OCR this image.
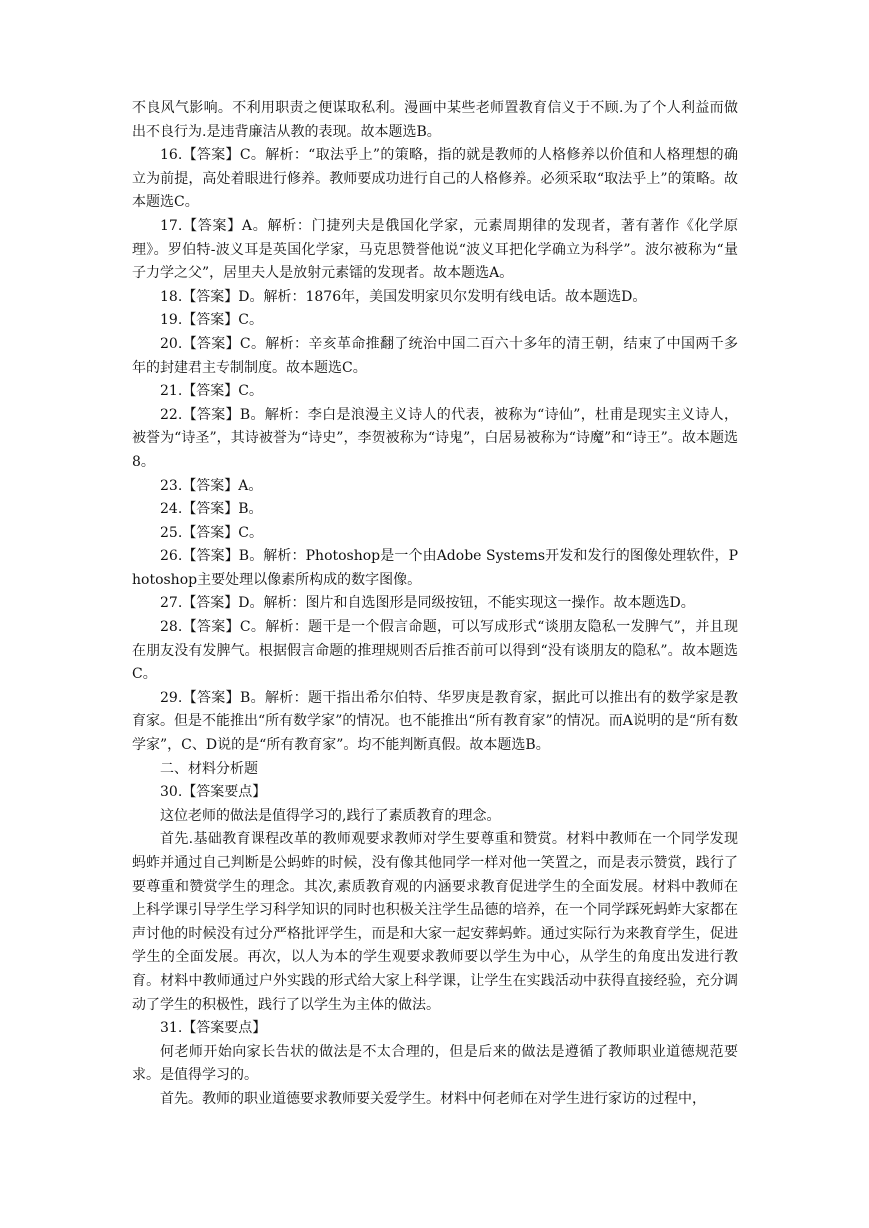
不良风气影响。不利用职责之便谋取私利。漫画中某些老师置教育信义于不顾.为了个人利益而做出不良行为.是违背廉洁从教的表现。故本题选B。

16.【答案】C。解析：“取法乎上”的策略，指的就是教师的人格修养以价值和人格理想的确立为前提，高处着眼进行修养。教师要成功进行自己的人格修养。必须采取“取法乎上”的策略。故本题选C。

17.【答案】A。解析：门捷列夫是俄国化学家，元素周期律的发现者，著有著作《化学原理》。罗伯特-波义耳是英国化学家，马克思赞誉他说“波义耳把化学确立为科学”。波尔被称为“量子力学之父”，居里夫人是放射元素镭的发现者。故本题选A。

18.【答案】D。解析：1876年，美国发明家贝尔发明有线电话。故本题选D。

19.【答案】C。

20.【答案】C。解析：辛亥革命推翻了统治中国二百六十多年的清王朝，结束了中国两千多年的封建君主专制制度。故本题选C。

21.【答案】C。

22.【答案】B。解析：李白是浪漫主义诗人的代表，被称为“诗仙”，杜甫是现实主义诗人，被誉为“诗圣”，其诗被誉为“诗史”，李贺被称为“诗鬼”，白居易被称为“诗魔”和“诗王”。故本题选8。

23.【答案】A。

24.【答案】B。

25.【答案】C。

26.【答案】B。解析：Photoshop是一个由Adobe Systems开发和发行的图像处理软件，Photoshop主要处理以像素所构成的数字图像。

27.【答案】D。解析：图片和自选图形是同级按钮，不能实现这一操作。故本题选D。

28.【答案】C。解析：题干是一个假言命题，可以写成形式“谈朋友隐私一发脾气”，并且现在朋友没有发脾气。根据假言命题的推理规则否后推否前可以得到“没有谈朋友的隐私”。故本题选C。

29.【答案】B。解析：题干指出希尔伯特、华罗庚是教育家，据此可以推出有的数学家是教育家。但是不能推出“所有数学家”的情况。也不能推出“所有教育家”的情况。而A说明的是“所有数学家”，C、D说的是“所有教育家”。均不能判断真假。故本题选B。

二、材料分析题

30.【答案要点】

这位老师的做法是值得学习的,践行了素质教育的理念。

首先.基础教育课程改革的教师观要求教师对学生要尊重和赞赏。材料中教师在一个同学发现蚂蚱并通过自己判断是公蚂蚱的时候，没有像其他同学一样对他一笑置之，而是表示赞赏，践行了要尊重和赞赏学生的理念。其次,素质教育观的内涵要求教育促进学生的全面发展。材料中教师在上科学课引导学生学习科学知识的同时也积极关注学生品德的培养，在一个同学踩死蚂蚱大家都在声讨他的时候没有过分严格批评学生，而是和大家一起安葬蚂蚱。通过实际行为来教育学生，促进学生的全面发展。再次，以人为本的学生观要求教师要以学生为中心，从学生的角度出发进行教育。材料中教师通过户外实践的形式给大家上科学课，让学生在实践活动中获得直接经验，充分调动了学生的积极性，践行了以学生为主体的做法。

31.【答案要点】

何老师开始向家长告状的做法是不太合理的，但是后来的做法是遵循了教师职业道德规范要求。是值得学习的。

首先。教师的职业道德要求教师要关爱学生。材料中何老师在对学生进行家访的过程中，
